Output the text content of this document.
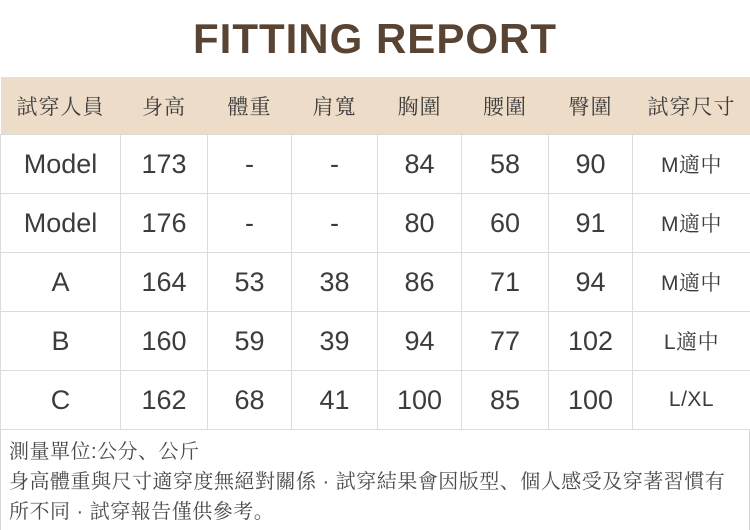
FITTING REPORT
試穿人員	身高	體重	肩寬	胸圍	腰圍	臀圍	試穿尺寸
Model	173	-	-	84	58	90	M適中
Model	176	-	-	80	60	91	M適中
A	164	53	38	86	71	94	M適中
B	160	59	39	94	77	102	L適中
C	162	68	41	100	85	100	L/XL

測量單位:公分、公斤

身高體重與尺寸適穿度無絕對關係 · 試穿結果會因版型、個人感受及穿著習慣有所不同 · 試穿報告僅供參考。
